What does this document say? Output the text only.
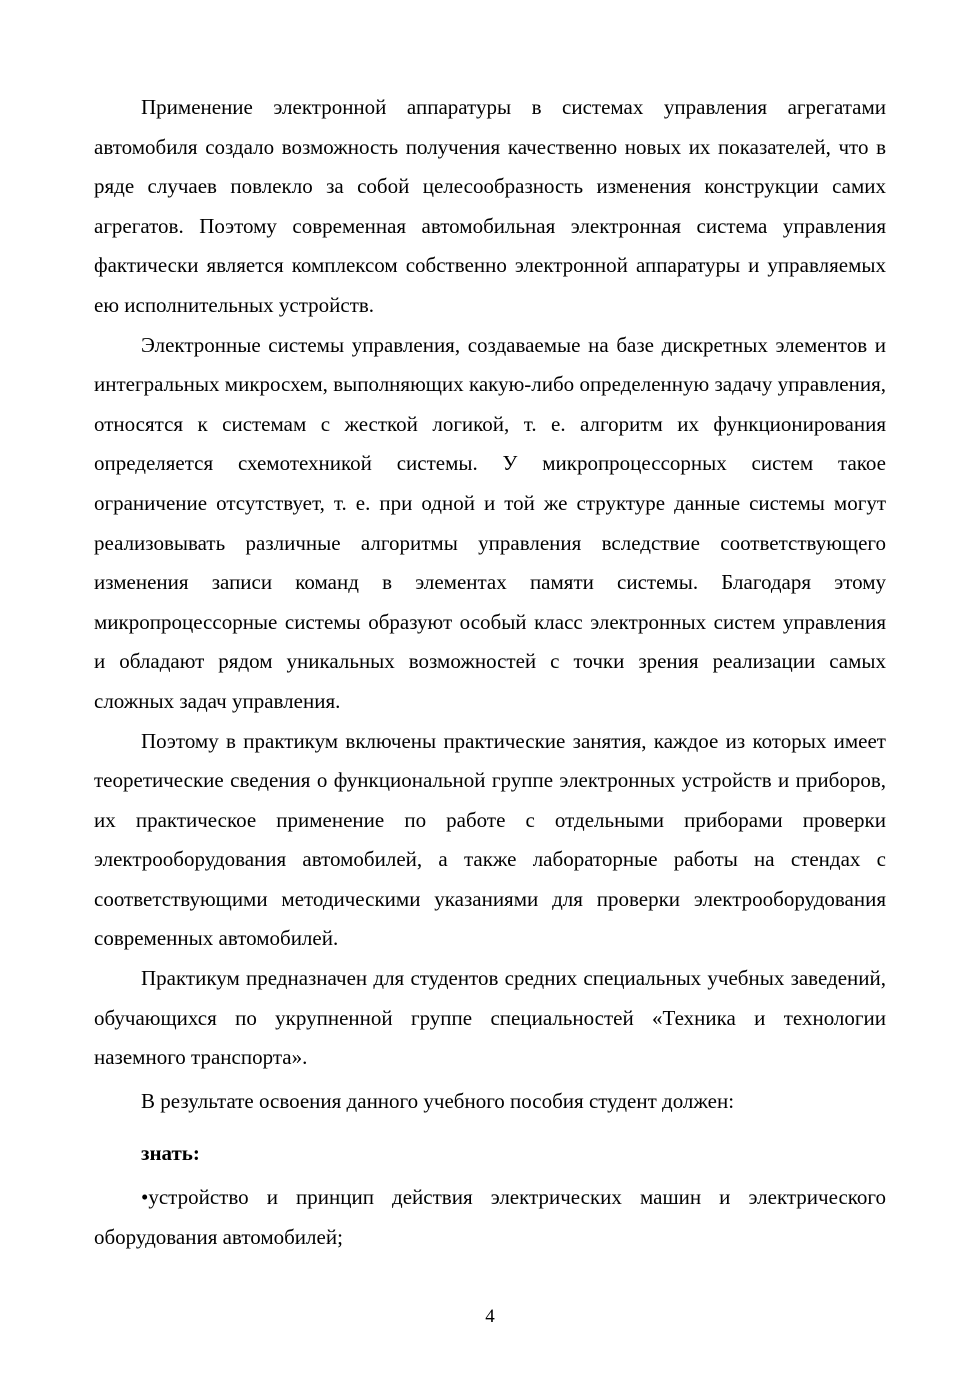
Применение электронной аппаратуры в системах управления агрегатами автомобиля создало возможность получения качественно новых их показателей, что в ряде случаев повлекло за собой целесообразность изменения конструкции самих агрегатов. Поэтому современная автомобильная электронная система управления фактически является комплексом собственно электронной аппаратуры и управляемых ею исполнительных устройств.

Электронные системы управления, создаваемые на базе дискретных элементов и интегральных микросхем, выполняющих какую-либо определенную задачу управления, относятся к системам с жесткой логикой, т. е. алгоритм их функционирования определяется схемотехникой системы. У микропроцессорных систем такое ограничение отсутствует, т. е. при одной и той же структуре данные системы могут реализовывать различные алгоритмы управления вследствие соответствующего изменения записи команд в элементах памяти системы. Благодаря этому микропроцессорные системы образуют особый класс электронных систем управления и обладают рядом уникальных возможностей с точки зрения реализации самых сложных задач управления.

Поэтому в практикум включены практические занятия, каждое из которых имеет теоретические сведения о функциональной группе электронных устройств и приборов, их практическое применение по работе с отдельными приборами проверки электрооборудования автомобилей, а также лабораторные работы на стендах с соответствующими методическими указаниями для проверки электрооборудования современных автомобилей.

Практикум предназначен для студентов средних специальных учебных заведений, обучающихся по укрупненной группе специальностей «Техника и технологии наземного транспорта».

В результате освоения данного учебного пособия студент должен:

знать:

•устройство и принцип действия электрических машин и электрического оборудования автомобилей;

4
